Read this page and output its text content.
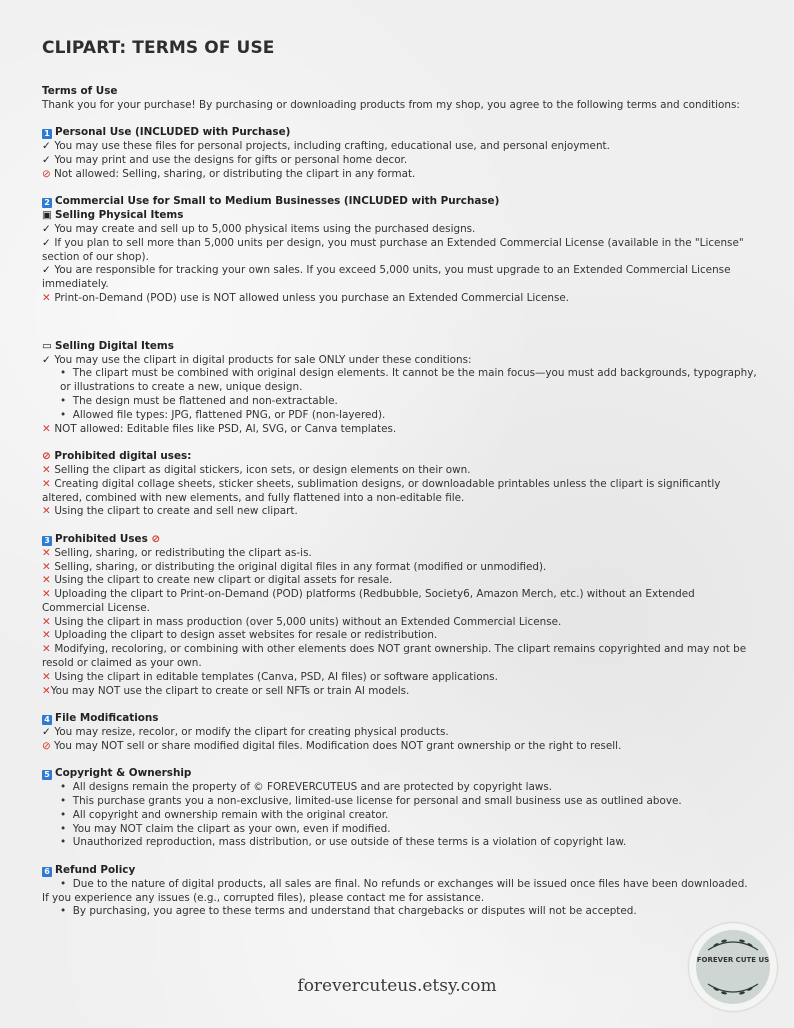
CLIPART: TERMS OF USE

Terms of Use

Thank you for your purchase! By purchasing or downloading products from my shop, you agree to the following terms and conditions:

1 Personal Use (INCLUDED with Purchase)

✓ You may use these files for personal projects, including crafting, educational use, and personal enjoyment.

✓ You may print and use the designs for gifts or personal home decor.

⊘ Not allowed: Selling, sharing, or distributing the clipart in any format.

2 Commercial Use for Small to Medium Businesses (INCLUDED with Purchase)

▣ Selling Physical Items

✓ You may create and sell up to 5,000 physical items using the purchased designs.

✓ If you plan to sell more than 5,000 units per design, you must purchase an Extended Commercial License (available in the "License" section of our shop).

✓ You are responsible for tracking your own sales. If you exceed 5,000 units, you must upgrade to an Extended Commercial License immediately.

✕ Print-on-Demand (POD) use is NOT allowed unless you purchase an Extended Commercial License.

▭ Selling Digital Items

✓ You may use the clipart in digital products for sale ONLY under these conditions:

•  The clipart must be combined with original design elements. It cannot be the main focus—you must add backgrounds, typography, or illustrations to create a new, unique design.

•  The design must be flattened and non-extractable.

•  Allowed file types: JPG, flattened PNG, or PDF (non-layered).

✕ NOT allowed: Editable files like PSD, AI, SVG, or Canva templates.

⊘ Prohibited digital uses:

✕ Selling the clipart as digital stickers, icon sets, or design elements on their own.

✕ Creating digital collage sheets, sticker sheets, sublimation designs, or downloadable printables unless the clipart is significantly altered, combined with new elements, and fully flattened into a non-editable file.

✕ Using the clipart to create and sell new clipart.

3 Prohibited Uses ⊘

✕ Selling, sharing, or redistributing the clipart as-is.

✕ Selling, sharing, or distributing the original digital files in any format (modified or unmodified).

✕ Using the clipart to create new clipart or digital assets for resale.

✕ Uploading the clipart to Print-on-Demand (POD) platforms (Redbubble, Society6, Amazon Merch, etc.) without an Extended Commercial License.

✕ Using the clipart in mass production (over 5,000 units) without an Extended Commercial License.

✕ Uploading the clipart to design asset websites for resale or redistribution.

✕ Modifying, recoloring, or combining with other elements does NOT grant ownership. The clipart remains copyrighted and may not be resold or claimed as your own.

✕ Using the clipart in editable templates (Canva, PSD, AI files) or software applications.

✕You may NOT use the clipart to create or sell NFTs or train AI models.

4 File Modifications

✓ You may resize, recolor, or modify the clipart for creating physical products.

⊘ You may NOT sell or share modified digital files. Modification does NOT grant ownership or the right to resell.

5 Copyright & Ownership

•  All designs remain the property of © FOREVERCUTEUS and are protected by copyright laws.

•  This purchase grants you a non-exclusive, limited-use license for personal and small business use as outlined above.

•  All copyright and ownership remain with the original creator.

•  You may NOT claim the clipart as your own, even if modified.

•  Unauthorized reproduction, mass distribution, or use outside of these terms is a violation of copyright law.

6 Refund Policy

•  Due to the nature of digital products, all sales are final. No refunds or exchanges will be issued once files have been downloaded.

If you experience any issues (e.g., corrupted files), please contact me for assistance.

•  By purchasing, you agree to these terms and understand that chargebacks or disputes will not be accepted.

forevercuteus.etsy.com
FOREVER CUTE US
